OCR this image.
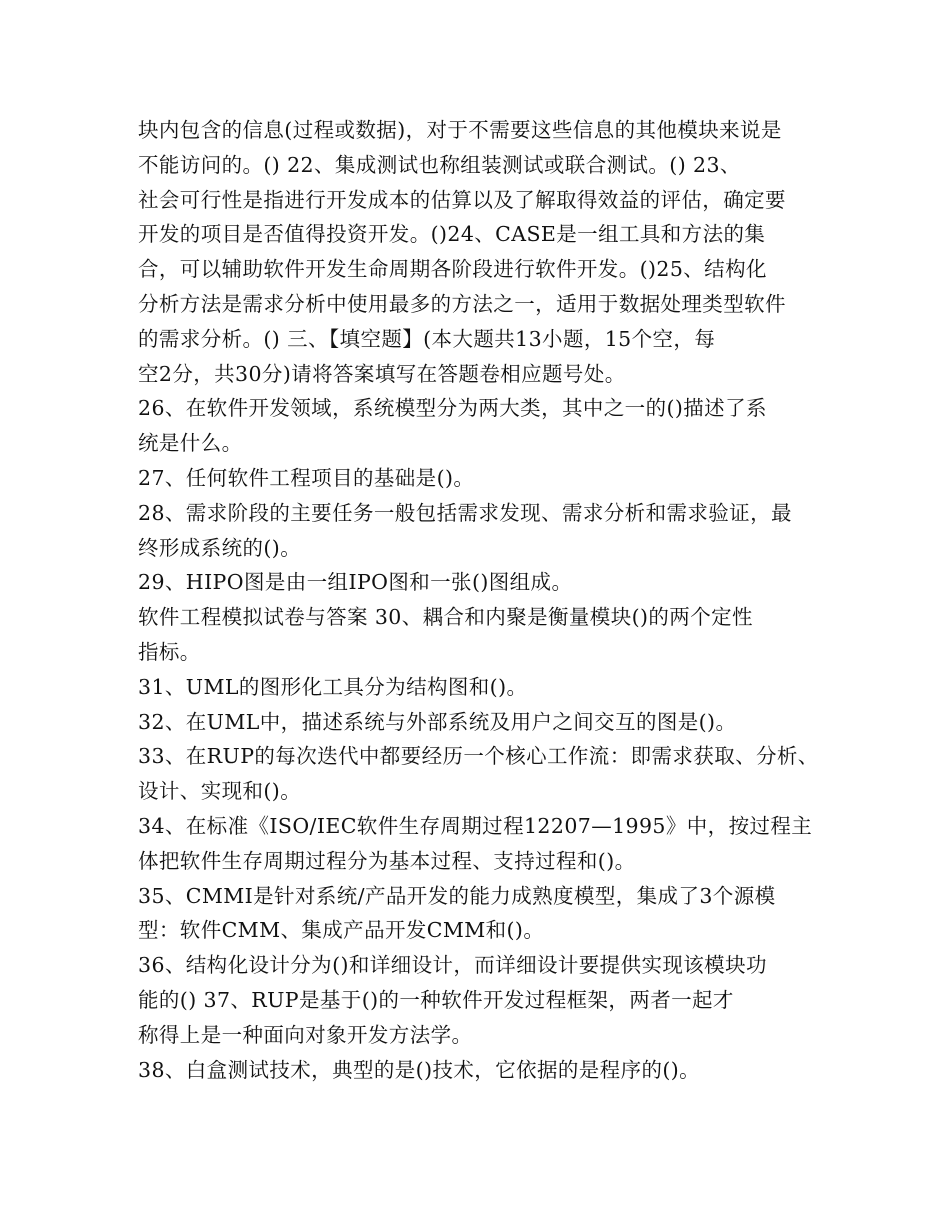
块内包含的信息(过程或数据)，对于不需要这些信息的其他模块来说是
不能访问的。() 22、集成测试也称组装测试或联合测试。() 23、
社会可行性是指进行开发成本的估算以及了解取得效益的评估，确定要
开发的项目是否值得投资开发。()24、CASE是一组工具和方法的集
合，可以辅助软件开发生命周期各阶段进行软件开发。()25、结构化
分析方法是需求分析中使用最多的方法之一，适用于数据处理类型软件
的需求分析。() 三、【填空题】(本大题共13小题，15个空，每
空2分，共30分)请将答案填写在答题卷相应题号处。
26、在软件开发领域，系统模型分为两大类，其中之一的()描述了系
统是什么。
27、任何软件工程项目的基础是()。
28、需求阶段的主要任务一般包括需求发现、需求分析和需求验证，最
终形成系统的()。
29、HIPO图是由一组IPO图和一张()图组成。
软件工程模拟试卷与答案 30、耦合和内聚是衡量模块()的两个定性
指标。
31、UML的图形化工具分为结构图和()。
32、在UML中，描述系统与外部系统及用户之间交互的图是()。
33、在RUP的每次迭代中都要经历一个核心工作流：即需求获取、分析、
设计、实现和()。
34、在标准《ISO/IEC软件生存周期过程12207—1995》中，按过程主
体把软件生存周期过程分为基本过程、支持过程和()。
35、CMMI是针对系统/产品开发的能力成熟度模型，集成了3个源模
型：软件CMM、集成产品开发CMM和()。
36、结构化设计分为()和详细设计，而详细设计要提供实现该模块功
能的() 37、RUP是基于()的一种软件开发过程框架，两者一起才
称得上是一种面向对象开发方法学。
38、白盒测试技术，典型的是()技术，它依据的是程序的()。
